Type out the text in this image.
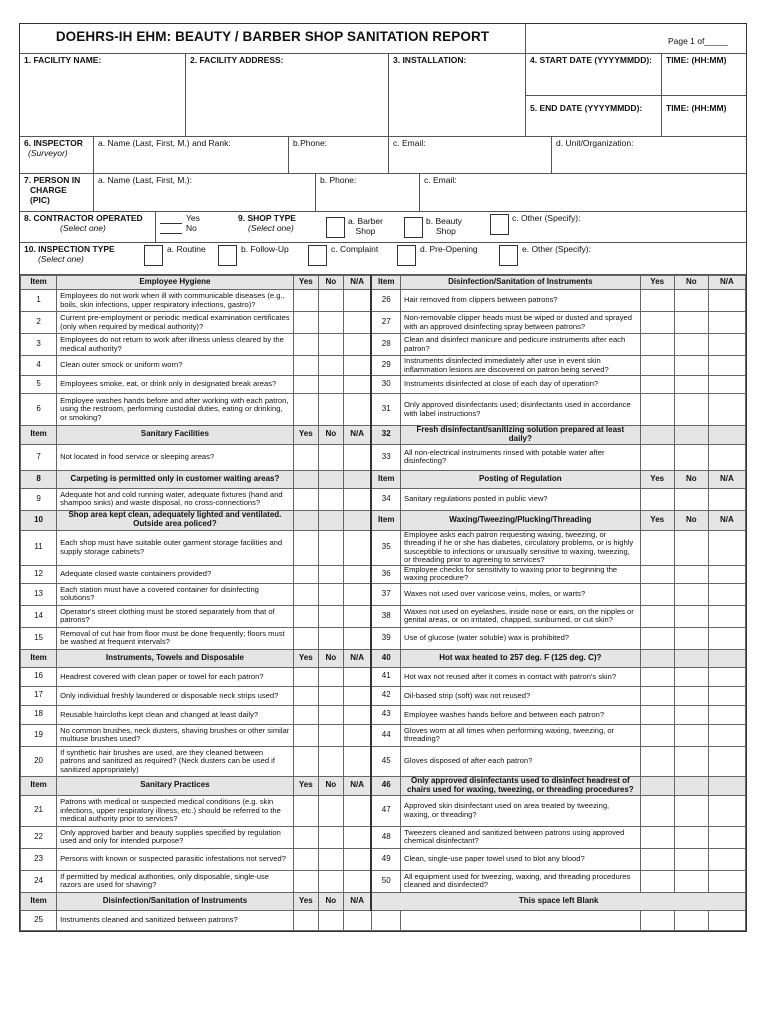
DOEHRS-IH EHM: BEAUTY / BARBER SHOP SANITATION REPORT	Page 1 of_____
1. FACILITY NAME:	2. FACILITY ADDRESS:	3. INSTALLATION:	4. START DATE (YYYYMMDD):	TIME: (HH:MM)
5. END DATE (YYYYMMDD):	TIME: (HH:MM)
6. INSPECTOR
(Surveyor)
a. Name (Last, First, M.) and Rank:	b.Phone:	c. Email:	d. Unit/Organization:
7. PERSON IN
CHARGE (PIC)
a. Name (Last, First, M.):	b. Phone:	c. Email:
8. CONTRACTOR OPERATED
(Select one)
Yes
No
9. SHOP TYPE
(Select one)
a. Barber
Shop
b. Beauty
Shop
c. Other (Specify):
10. INSPECTION TYPE
(Select one)
a. Routine	b. Follow-Up	c. Complaint	d. Pre-Opening	e. Other (Specify):
Item	Employee Hygiene	Yes	No	N/A	Item	Disinfection/Sanitation of Instruments	Yes	No	N/A
1	Employees do not work when ill with communicable diseases (e.g., boils, skin infections, upper respiratory infections, gastro)?				26	Hair removed from clippers between patrons?			
2	Current pre-employment or periodic medical examination certificates (only when required by medical authority)?				27	Non-removable clipper heads must be wiped or dusted and sprayed with an approved disinfecting spray between patrons?			
3	Employees do not return to work after illness unless cleared by the medical authority?				28	Clean and disinfect manicure and pedicure instruments after each patron?			
4	Clean outer smock or uniform worn?				29	Instruments disinfected immediately after use in event skin inflammation lesions are discovered on patron being served?			
5	Employees smoke, eat, or drink only in designated break areas?				30	Instruments disinfected at close of each day of operation?			
6	Employee washes hands before and after working with each patron, using the restroom, performing custodial duties, eating or drinking, or smoking?				31	Only approved disinfectants used; disinfectants used in accordance with label instructions?			
Item	Sanitary Facilities	Yes	No	N/A	32	Fresh disinfectant/sanitizing solution prepared at least daily?			
7	Not located in food service or sleeping areas?				33	All non-electrical instruments rinsed with potable water after disinfecting?			
8	Carpeting is permitted only in customer waiting areas?				Item	Posting of Regulation	Yes	No	N/A
9	Adequate hot and cold running water, adequate fixtures (hand and shampoo sinks) and waste disposal, no cross-connections?				34	Sanitary regulations posted in public view?			
10	Shop area kept clean, adequately lighted and ventilated. Outside area policed?				Item	Waxing/Tweezing/Plucking/Threading	Yes	No	N/A
11	Each shop must have suitable outer garment storage facilities and supply storage cabinets?				35	Employee asks each patron requesting waxing, tweezing, or threading if he or she has diabetes, circulatory problems, or is highly susceptible to infections or unusually sensitive to waxing, tweezing, or threading prior to agreeing to services?			
12	Adequate closed waste containers provided?				36	Employee checks for sensitivity to waxing prior to beginning the waxing procedure?			
13	Each station must have a covered container for disinfecting solutions?				37	Waxes not used over varicose veins, moles, or warts?			
14	Operator's street clothing must be stored separately from that of patrons?				38	Waxes not used on eyelashes, inside nose or ears, on the nipples or genital areas, or on irritated, chapped, sunburned, or cut skin?			
15	Removal of cut hair from floor must be done frequently; floors must be washed at frequent intervals?				39	Use of glucose (water soluble) wax is prohibited?			
Item	Instruments, Towels and Disposable	Yes	No	N/A	40	Hot wax heated to 257 deg. F (125 deg. C)?			
16	Headrest covered with clean paper or towel for each patron?				41	Hot wax not reused after it comes in contact with patron's skin?			
17	Only individual freshly laundered or disposable neck strips used?				42	Oil-based strip (soft) wax not reused?			
18	Reusable haircloths kept clean and changed at least daily?				43	Employee washes hands before and between each patron?			
19	No common brushes, neck dusters, shaving brushes or other similar multiuse brushes used?				44	Gloves worn at all times when performing waxing, tweezing, or threading?			
20	If synthetic hair brushes are used, are they cleaned between patrons and sanitized as required? (Neck dusters can be used if sanitized appropriately)				45	Gloves disposed of after each patron?			
Item	Sanitary Practices	Yes	No	N/A	46	Only approved disinfectants used to disinfect headrest of chairs used for waxing, tweezing, or threading procedures?			
21	Patrons with medical or suspected medical conditions (e.g. skin infections, upper respiratory illness, etc.) should be referred to the medical authority prior to services?				47	Approved skin disinfectant used on area treated by tweezing, waxing, or threading?			
22	Only approved barber and beauty supplies specified by regulation used and only for intended purpose?				48	Tweezers cleaned and sanitized between patrons using approved chemical disinfectant?			
23	Persons with known or suspected parasitic infestations not served?				49	Clean, single-use paper towel used to blot any blood?			
24	If permitted by medical authorities, only disposable, single-use razors are used for shaving?				50	All equipment used for tweezing, waxing, and threading procedures cleaned and disinfected?			
Item	Disinfection/Sanitation of Instruments	Yes	No	N/A	This space left Blank				
25	Instruments cleaned and sanitized between patrons?								
